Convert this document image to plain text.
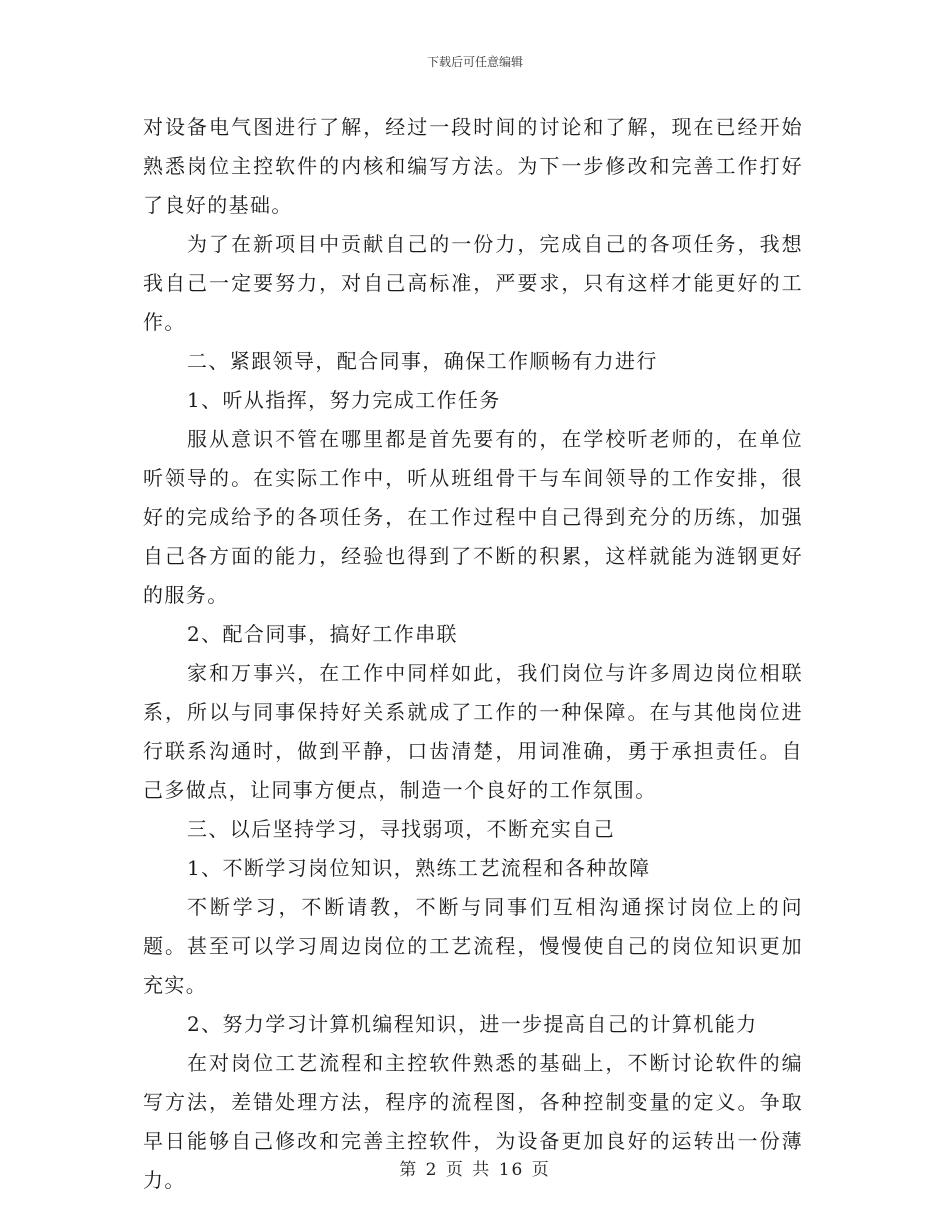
下载后可任意编辑

对设备电气图进行了解，经过一段时间的讨论和了解，现在已经开始熟悉岗位主控软件的内核和编写方法。为下一步修改和完善工作打好了良好的基础。

为了在新项目中贡献自己的一份力，完成自己的各项任务，我想我自己一定要努力，对自己高标准，严要求，只有这样才能更好的工作。

二、紧跟领导，配合同事，确保工作顺畅有力进行

1、听从指挥，努力完成工作任务

服从意识不管在哪里都是首先要有的，在学校听老师的，在单位听领导的。在实际工作中，听从班组骨干与车间领导的工作安排，很好的完成给予的各项任务，在工作过程中自己得到充分的历练，加强自己各方面的能力，经验也得到了不断的积累，这样就能为涟钢更好的服务。

2、配合同事，搞好工作串联

家和万事兴，在工作中同样如此，我们岗位与许多周边岗位相联系，所以与同事保持好关系就成了工作的一种保障。在与其他岗位进行联系沟通时，做到平静，口齿清楚，用词准确，勇于承担责任。自己多做点，让同事方便点，制造一个良好的工作氛围。

三、以后坚持学习，寻找弱项，不断充实自己

1、不断学习岗位知识，熟练工艺流程和各种故障

不断学习，不断请教，不断与同事们互相沟通探讨岗位上的问题。甚至可以学习周边岗位的工艺流程，慢慢使自己的岗位知识更加充实。

2、努力学习计算机编程知识，进一步提高自己的计算机能力

在对岗位工艺流程和主控软件熟悉的基础上，不断讨论软件的编写方法，差错处理方法，程序的流程图，各种控制变量的定义。争取早日能够自己修改和完善主控软件，为设备更加良好的运转出一份薄力。	第 2 页 共 16 页
